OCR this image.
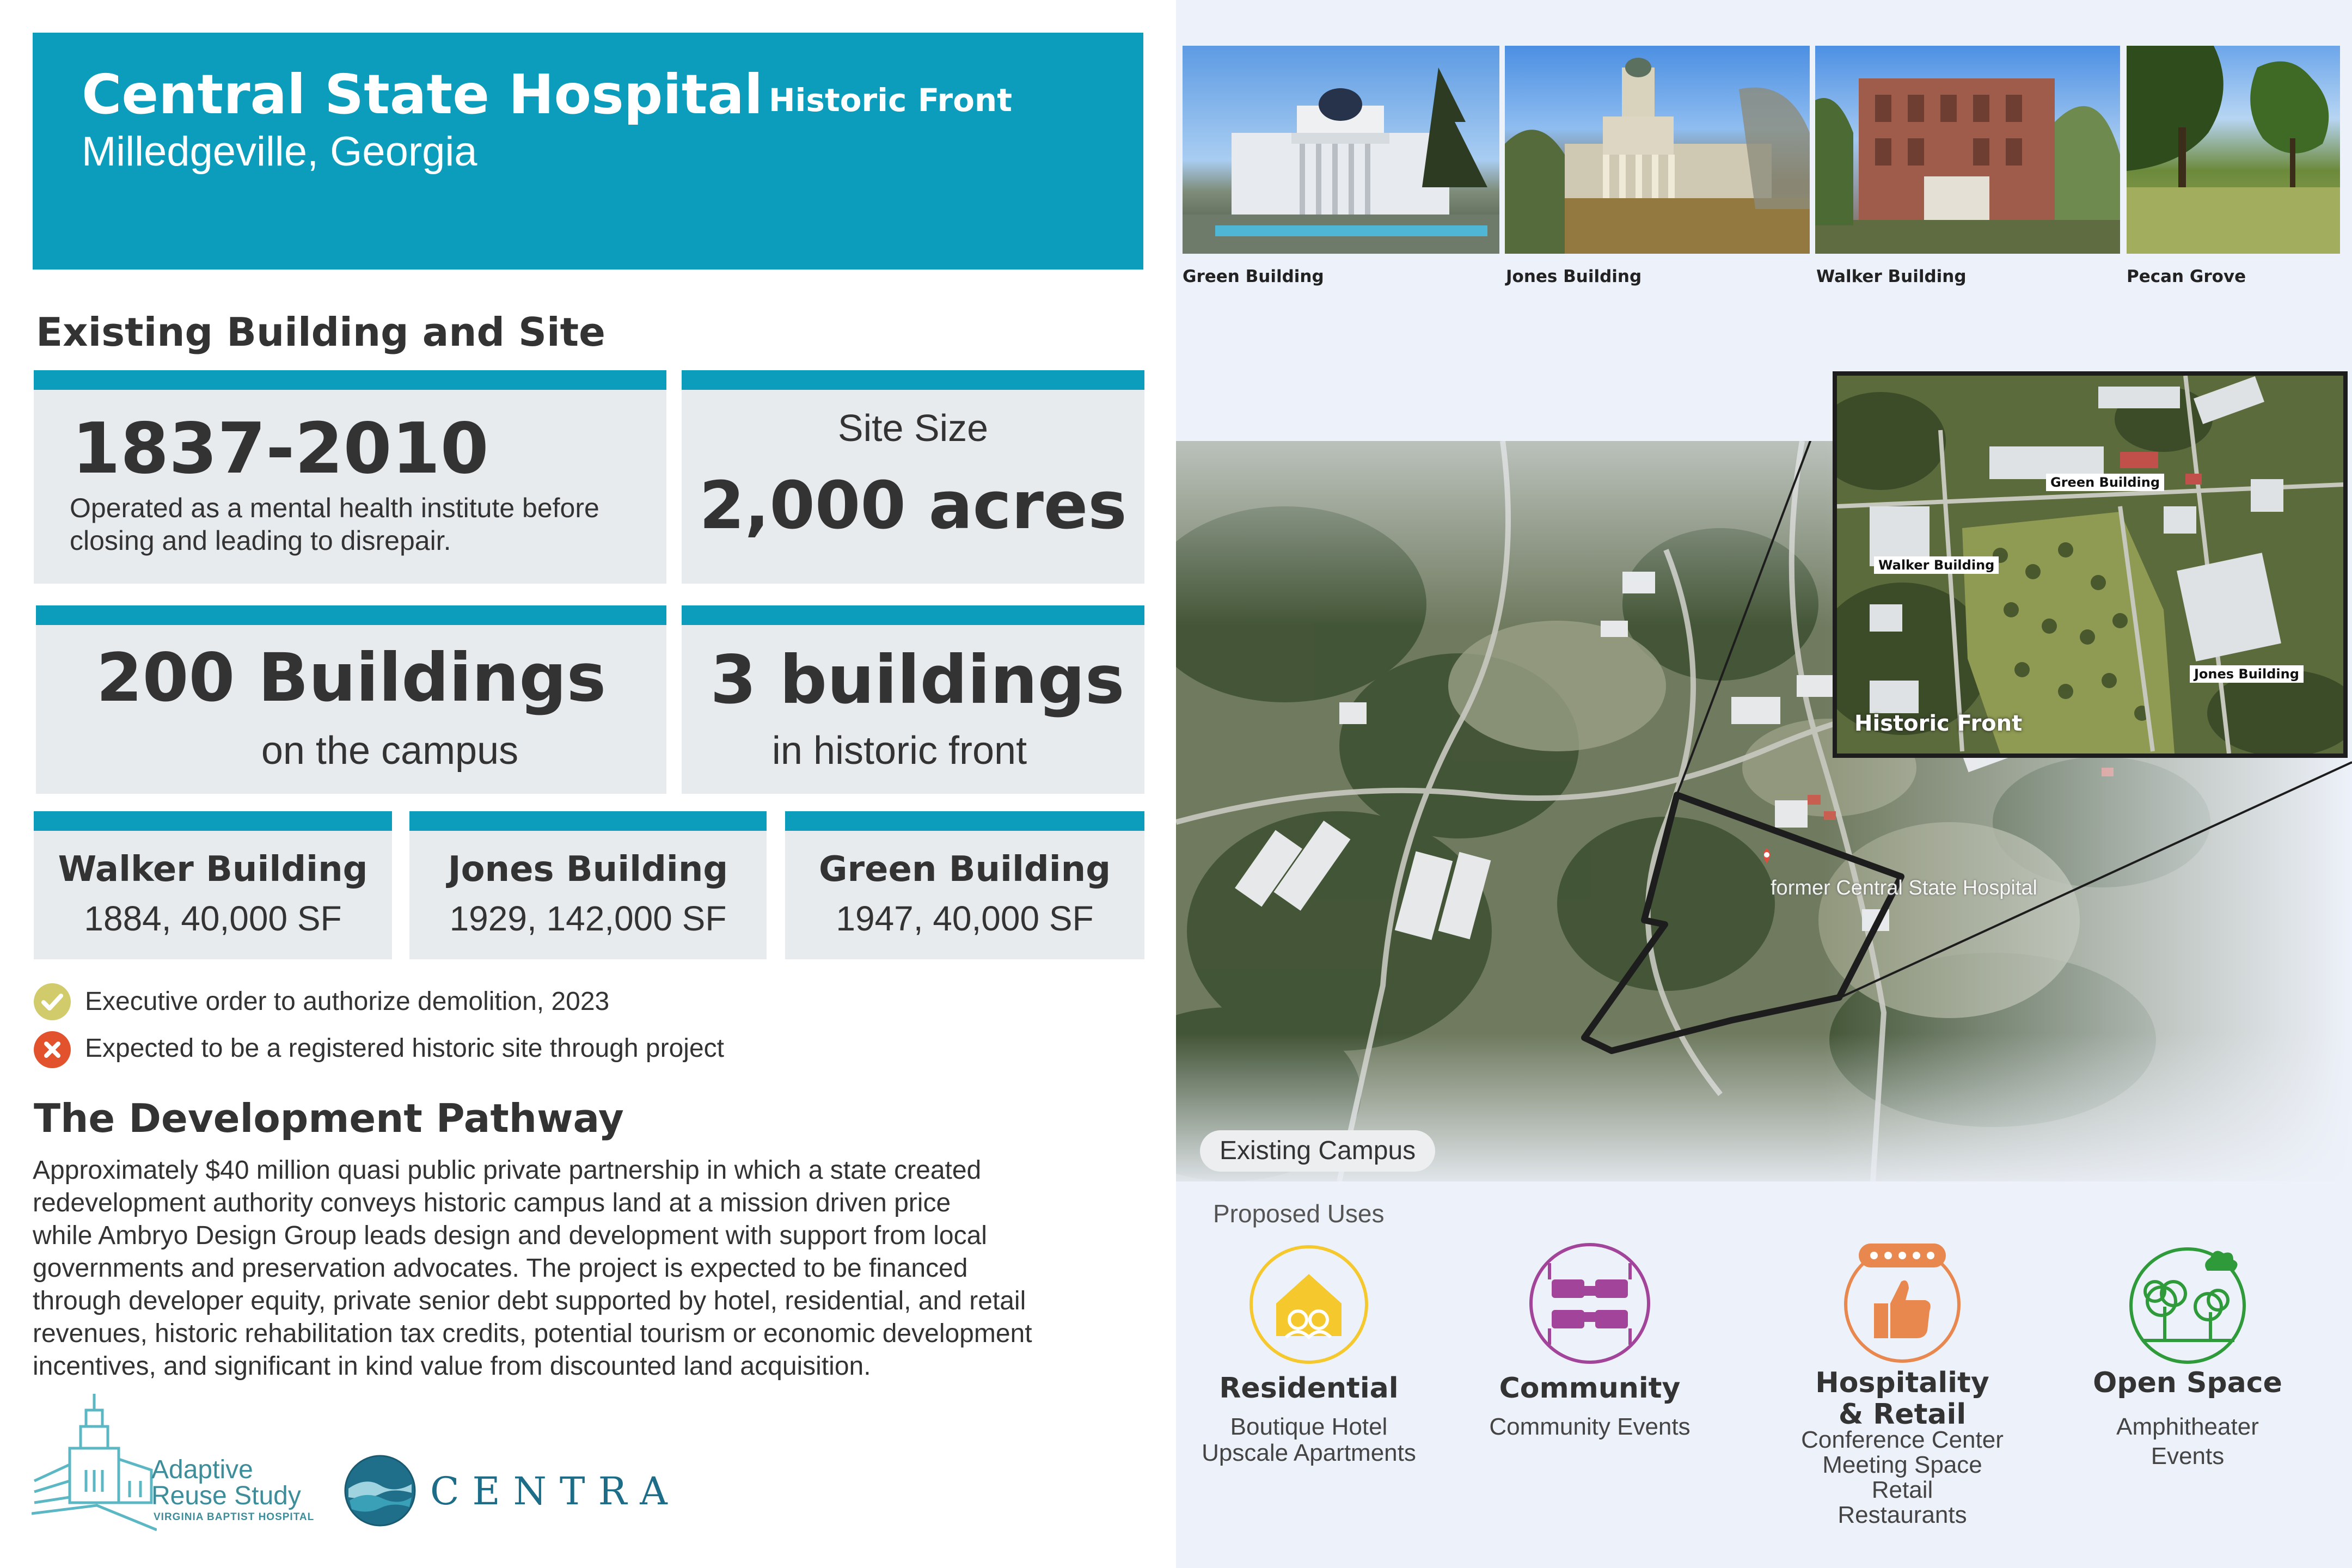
Central State Hospital Historic Front
Milledgeville, Georgia
Existing Building and Site
1837-2010
Operated as a mental health institute before
closing and leading to disrepair.
Site Size
2,000 acres
200 Buildings
on the campus
3 buildings
in historic front
Walker Building
1884, 40,000 SF
Jones Building
1929, 142,000 SF
Green Building
1947, 40,000 SF
Executive order to authorize demolition, 2023
Expected to be a registered historic site through project
The Development Pathway
Approximately $40 million quasi public private partnership in which a state created
redevelopment authority conveys historic campus land at a mission driven price
while Ambryo Design Group leads design and development with support from local
governments and preservation advocates. The project is expected to be financed
through developer equity, private senior debt supported by hotel, residential, and retail
revenues, historic rehabilitation tax credits, potential tourism or economic development
incentives, and significant in kind value from discounted land acquisition.
Adaptive
Reuse Study
VIRGINIA BAPTIST HOSPITAL
CENTRA
Green Building	Jones Building	Walker Building	Pecan Grove
former Central State Hospital
Existing Campus
Green Building
Walker Building
Jones Building
Historic Front
Proposed Uses
Residential
Boutique Hotel
Upscale Apartments
Community
Community Events
Hospitality
& Retail
Conference Center
Meeting Space
Retail
Restaurants
Open Space
Amphitheater
Events
